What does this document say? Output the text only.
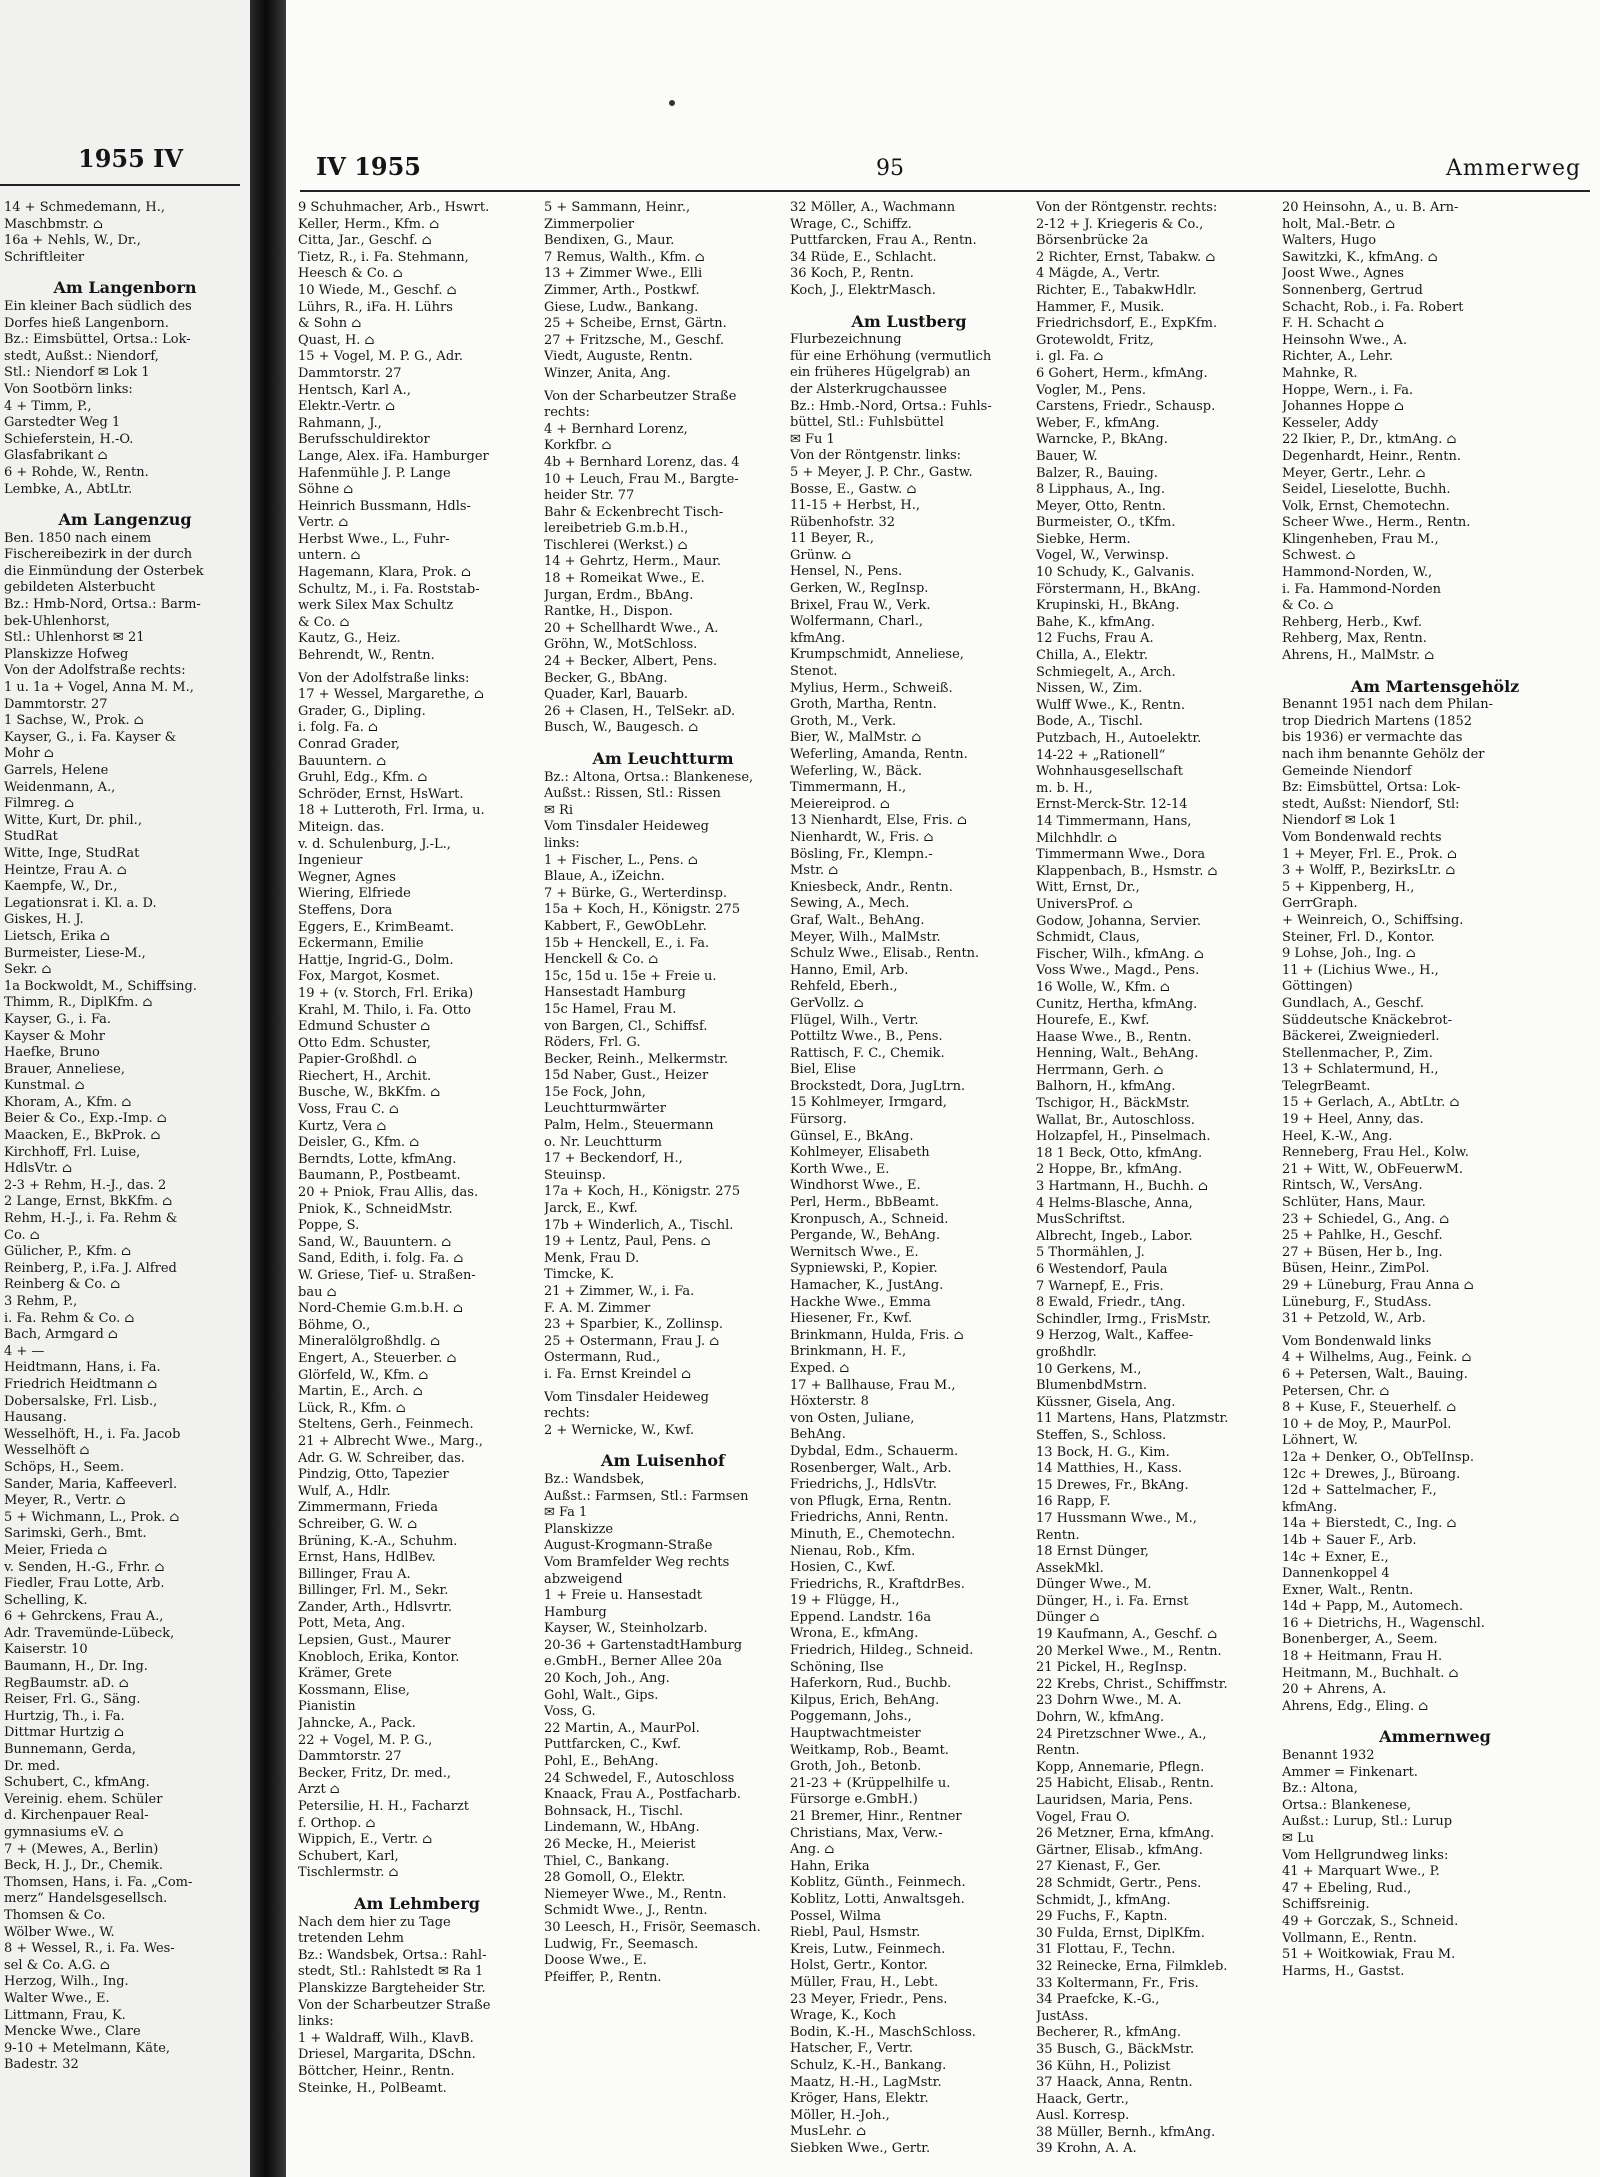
1955 IV
14 + Schmedemann, H.,
Maschbmstr. ⌂
16a + Nehls, W., Dr.,
Schriftleiter
Am Langenborn
Ein kleiner Bach südlich des
Dorfes hieß Langenborn.
Bz.: Eimsbüttel, Ortsa.: Lok-
stedt, Außst.: Niendorf,
Stl.: Niendorf ✉ Lok 1
Von Sootbörn links:
4 + Timm, P.,
Garstedter Weg 1
Schieferstein, H.-O.
Glasfabrikant ⌂
6 + Rohde, W., Rentn.
Lembke, A., AbtLtr.
Am Langenzug
Ben. 1850 nach einem
Fischereibezirk in der durch
die Einmündung der Osterbek
gebildeten Alsterbucht
Bz.: Hmb-Nord, Ortsa.: Barm-
bek-Uhlenhorst,
Stl.: Uhlenhorst ✉ 21
Planskizze Hofweg
Von der Adolfstraße rechts:
1 u. 1a + Vogel, Anna M. M.,
Dammtorstr. 27
1 Sachse, W., Prok. ⌂
Kayser, G., i. Fa. Kayser &
Mohr ⌂
Garrels, Helene
Weidenmann, A.,
Filmreg. ⌂
Witte, Kurt, Dr. phil.,
StudRat
Witte, Inge, StudRat
Heintze, Frau A. ⌂
Kaempfe, W., Dr.,
Legationsrat i. Kl. a. D.
Giskes, H. J.
Lietsch, Erika ⌂
Burmeister, Liese-M.,
Sekr. ⌂
1a Bockwoldt, M., Schiffsing.
Thimm, R., DiplKfm. ⌂
Kayser, G., i. Fa.
Kayser & Mohr
Haefke, Bruno
Brauer, Anneliese,
Kunstmal. ⌂
Khoram, A., Kfm. ⌂
Beier & Co., Exp.-Imp. ⌂
Maacken, E., BkProk. ⌂
Kirchhoff, Frl. Luise,
HdlsVtr. ⌂
2-3 + Rehm, H.-J., das. 2
2 Lange, Ernst, BkKfm. ⌂
Rehm, H.-J., i. Fa. Rehm &
Co. ⌂
Gülicher, P., Kfm. ⌂
Reinberg, P., i.Fa. J. Alfred
Reinberg & Co. ⌂
3 Rehm, P.,
i. Fa. Rehm & Co. ⌂
Bach, Armgard ⌂
4 + —
Heidtmann, Hans, i. Fa.
Friedrich Heidtmann ⌂
Dobersalske, Frl. Lisb.,
Hausang.
Wesselhöft, H., i. Fa. Jacob
Wesselhöft ⌂
Schöps, H., Seem.
Sander, Maria, Kaffeeverl.
Meyer, R., Vertr. ⌂
5 + Wichmann, L., Prok. ⌂
Sarimski, Gerh., Bmt.
Meier, Frieda ⌂
v. Senden, H.-G., Frhr. ⌂
Fiedler, Frau Lotte, Arb.
Schelling, K.
6 + Gehrckens, Frau A.,
Adr. Travemünde-Lübeck,
Kaiserstr. 10
Baumann, H., Dr. Ing.
RegBaumstr. aD. ⌂
Reiser, Frl. G., Säng.
Hurtzig, Th., i. Fa.
Dittmar Hurtzig ⌂
Bunnemann, Gerda,
Dr. med.
Schubert, C., kfmAng.
Vereinig. ehem. Schüler
d. Kirchenpauer Real-
gymnasiums eV. ⌂
7 + (Mewes, A., Berlin)
Beck, H. J., Dr., Chemik.
Thomsen, Hans, i. Fa. „Com-
merz“ Handelsgesellsch.
Thomsen & Co.
Wölber Wwe., W.
8 + Wessel, R., i. Fa. Wes-
sel & Co. A.G. ⌂
Herzog, Wilh., Ing.
Walter Wwe., E.
Littmann, Frau, K.
Mencke Wwe., Clare
9-10 + Metelmann, Käte,
Badestr. 32
IV 1955	95	Ammerweg
9 Schuhmacher, Arb., Hswrt.
Keller, Herm., Kfm. ⌂
Citta, Jar., Geschf. ⌂
Tietz, R., i. Fa. Stehmann,
Heesch & Co. ⌂
10 Wiede, M., Geschf. ⌂
Lührs, R., iFa. H. Lührs
& Sohn ⌂
Quast, H. ⌂
15 + Vogel, M. P. G., Adr.
Dammtorstr. 27
Hentsch, Karl A.,
Elektr.-Vertr. ⌂
Rahmann, J.,
Berufsschuldirektor
Lange, Alex. iFa. Hamburger
Hafenmühle J. P. Lange
Söhne ⌂
Heinrich Bussmann, Hdls-
Vertr. ⌂
Herbst Wwe., L., Fuhr-
untern. ⌂
Hagemann, Klara, Prok. ⌂
Schultz, M., i. Fa. Roststab-
werk Silex Max Schultz
& Co. ⌂
Kautz, G., Heiz.
Behrendt, W., Rentn.
Von der Adolfstraße links:
17 + Wessel, Margarethe, ⌂
Grader, G., Dipling.
i. folg. Fa. ⌂
Conrad Grader,
Bauuntern. ⌂
Gruhl, Edg., Kfm. ⌂
Schröder, Ernst, HsWart.
18 + Lutteroth, Frl. Irma, u.
Miteign. das.
v. d. Schulenburg, J.-L.,
Ingenieur
Wegner, Agnes
Wiering, Elfriede
Steffens, Dora
Eggers, E., KrimBeamt.
Eckermann, Emilie
Hattje, Ingrid-G., Dolm.
Fox, Margot, Kosmet.
19 + (v. Storch, Frl. Erika)
Krahl, M. Thilo, i. Fa. Otto
Edmund Schuster ⌂
Otto Edm. Schuster,
Papier-Großhdl. ⌂
Riechert, H., Archit.
Busche, W., BkKfm. ⌂
Voss, Frau C. ⌂
Kurtz, Vera ⌂
Deisler, G., Kfm. ⌂
Berndts, Lotte, kfmAng.
Baumann, P., Postbeamt.
20 + Pniok, Frau Allis, das.
Pniok, K., SchneidMstr.
Poppe, S.
Sand, W., Bauuntern. ⌂
Sand, Edith, i. folg. Fa. ⌂
W. Griese, Tief- u. Straßen-
bau ⌂
Nord-Chemie G.m.b.H. ⌂
Böhme, O.,
Mineralölgroßhdlg. ⌂
Engert, A., Steuerber. ⌂
Glörfeld, W., Kfm. ⌂
Martin, E., Arch. ⌂
Lück, R., Kfm. ⌂
Steltens, Gerh., Feinmech.
21 + Albrecht Wwe., Marg.,
Adr. G. W. Schreiber, das.
Pindzig, Otto, Tapezier
Wulf, A., Hdlr.
Zimmermann, Frieda
Schreiber, G. W. ⌂
Brüning, K.-A., Schuhm.
Ernst, Hans, HdlBev.
Billinger, Frau A.
Billinger, Frl. M., Sekr.
Zander, Arth., Hdlsvrtr.
Pott, Meta, Ang.
Lepsien, Gust., Maurer
Knobloch, Erika, Kontor.
Krämer, Grete
Kossmann, Elise,
Pianistin
Jahncke, A., Pack.
22 + Vogel, M. P. G.,
Dammtorstr. 27
Becker, Fritz, Dr. med.,
Arzt ⌂
Petersilie, H. H., Facharzt
f. Orthop. ⌂
Wippich, E., Vertr. ⌂
Schubert, Karl,
Tischlermstr. ⌂
Am Lehmberg
Nach dem hier zu Tage
tretenden Lehm
Bz.: Wandsbek, Ortsa.: Rahl-
stedt, Stl.: Rahlstedt ✉ Ra 1
Planskizze Bargteheider Str.
Von der Scharbeutzer Straße
links:
1 + Waldraff, Wilh., KlavB.
Driesel, Margarita, DSchn.
Böttcher, Heinr., Rentn.
Steinke, H., PolBeamt.
5 + Sammann, Heinr.,
Zimmerpolier
Bendixen, G., Maur.
7 Remus, Walth., Kfm. ⌂
13 + Zimmer Wwe., Elli
Zimmer, Arth., Postkwf.
Giese, Ludw., Bankang.
25 + Scheibe, Ernst, Gärtn.
27 + Fritzsche, M., Geschf.
Viedt, Auguste, Rentn.
Winzer, Anita, Ang.
Von der Scharbeutzer Straße
rechts:
4 + Bernhard Lorenz,
Korkfbr. ⌂
4b + Bernhard Lorenz, das. 4
10 + Leuch, Frau M., Bargte-
heider Str. 77
Bahr & Eckenbrecht Tisch-
lereibetrieb G.m.b.H.,
Tischlerei (Werkst.) ⌂
14 + Gehrtz, Herm., Maur.
18 + Romeikat Wwe., E.
Jurgan, Erdm., BbAng.
Rantke, H., Dispon.
20 + Schellhardt Wwe., A.
Gröhn, W., MotSchloss.
24 + Becker, Albert, Pens.
Becker, G., BbAng.
Quader, Karl, Bauarb.
26 + Clasen, H., TelSekr. aD.
Busch, W., Baugesch. ⌂
Am Leuchtturm
Bz.: Altona, Ortsa.: Blankenese,
Außst.: Rissen, Stl.: Rissen
✉ Ri
Vom Tinsdaler Heideweg
links:
1 + Fischer, L., Pens. ⌂
Blaue, A., iZeichn.
7 + Bürke, G., Werterdinsp.
15a + Koch, H., Königstr. 275
Kabbert, F., GewObLehr.
15b + Henckell, E., i. Fa.
Henckell & Co. ⌂
15c, 15d u. 15e + Freie u.
Hansestadt Hamburg
15c Hamel, Frau M.
von Bargen, Cl., Schiffsf.
Röders, Frl. G.
Becker, Reinh., Melkermstr.
15d Naber, Gust., Heizer
15e Fock, John,
Leuchtturmwärter
Palm, Helm., Steuermann
o. Nr. Leuchtturm
17 + Beckendorf, H.,
Steuinsp.
17a + Koch, H., Königstr. 275
Jarck, E., Kwf.
17b + Winderlich, A., Tischl.
19 + Lentz, Paul, Pens. ⌂
Menk, Frau D.
Timcke, K.
21 + Zimmer, W., i. Fa.
F. A. M. Zimmer
23 + Sparbier, K., Zollinsp.
25 + Ostermann, Frau J. ⌂
Ostermann, Rud.,
i. Fa. Ernst Kreindel ⌂
Vom Tinsdaler Heideweg
rechts:
2 + Wernicke, W., Kwf.
Am Luisenhof
Bz.: Wandsbek,
Außst.: Farmsen, Stl.: Farmsen
✉ Fa 1
Planskizze
August-Krogmann-Straße
Vom Bramfelder Weg rechts
abzweigend
1 + Freie u. Hansestadt
Hamburg
Kayser, W., Steinholzarb.
20-36 + GartenstadtHamburg
e.GmbH., Berner Allee 20a
20 Koch, Joh., Ang.
Gohl, Walt., Gips.
Voss, G.
22 Martin, A., MaurPol.
Puttfarcken, C., Kwf.
Pohl, E., BehAng.
24 Schwedel, F., Autoschloss
Knaack, Frau A., Postfacharb.
Bohnsack, H., Tischl.
Lindemann, W., HbAng.
26 Mecke, H., Meierist
Thiel, C., Bankang.
28 Gomoll, O., Elektr.
Niemeyer Wwe., M., Rentn.
Schmidt Wwe., J., Rentn.
30 Leesch, H., Frisör, Seemasch.
Ludwig, Fr., Seemasch.
Doose Wwe., E.
Pfeiffer, P., Rentn.
32 Möller, A., Wachmann
Wrage, C., Schiffz.
Puttfarcken, Frau A., Rentn.
34 Rüde, E., Schlacht.
36 Koch, P., Rentn.
Koch, J., ElektrMasch.
Am Lustberg
Flurbezeichnung
für eine Erhöhung (vermutlich
ein früheres Hügelgrab) an
der Alsterkrugchaussee
Bz.: Hmb.-Nord, Ortsa.: Fuhls-
büttel, Stl.: Fuhlsbüttel
✉ Fu 1
Von der Röntgenstr. links:
5 + Meyer, J. P. Chr., Gastw.
Bosse, E., Gastw. ⌂
11-15 + Herbst, H.,
Rübenhofstr. 32
11 Beyer, R.,
Grünw. ⌂
Hensel, N., Pens.
Gerken, W., RegInsp.
Brixel, Frau W., Verk.
Wolfermann, Charl.,
kfmAng.
Krumpschmidt, Anneliese,
Stenot.
Mylius, Herm., Schweiß.
Groth, Martha, Rentn.
Groth, M., Verk.
Bier, W., MalMstr. ⌂
Weferling, Amanda, Rentn.
Weferling, W., Bäck.
Timmermann, H.,
Meiereiprod. ⌂
13 Nienhardt, Else, Fris. ⌂
Nienhardt, W., Fris. ⌂
Bösling, Fr., Klempn.-
Mstr. ⌂
Kniesbeck, Andr., Rentn.
Sewing, A., Mech.
Graf, Walt., BehAng.
Meyer, Wilh., MalMstr.
Schulz Wwe., Elisab., Rentn.
Hanno, Emil, Arb.
Rehfeld, Eberh.,
GerVollz. ⌂
Flügel, Wilh., Vertr.
Pottiltz Wwe., B., Pens.
Rattisch, F. C., Chemik.
Biel, Elise
Brockstedt, Dora, JugLtrn.
15 Kohlmeyer, Irmgard,
Fürsorg.
Günsel, E., BkAng.
Kohlmeyer, Elisabeth
Korth Wwe., E.
Windhorst Wwe., E.
Perl, Herm., BbBeamt.
Kronpusch, A., Schneid.
Pergande, W., BehAng.
Wernitsch Wwe., E.
Sypniewski, P., Kopier.
Hamacher, K., JustAng.
Hackhe Wwe., Emma
Hiesener, Fr., Kwf.
Brinkmann, Hulda, Fris. ⌂
Brinkmann, H. F.,
Exped. ⌂
17 + Ballhause, Frau M.,
Höxterstr. 8
von Osten, Juliane,
BehAng.
Dybdal, Edm., Schauerm.
Rosenberger, Walt., Arb.
Friedrichs, J., HdlsVtr.
von Pflugk, Erna, Rentn.
Friedrichs, Anni, Rentn.
Minuth, E., Chemotechn.
Nienau, Rob., Kfm.
Hosien, C., Kwf.
Friedrichs, R., KraftdrBes.
19 + Flügge, H.,
Eppend. Landstr. 16a
Wrona, E., kfmAng.
Friedrich, Hildeg., Schneid.
Schöning, Ilse
Haferkorn, Rud., Buchb.
Kilpus, Erich, BehAng.
Poggemann, Johs.,
Hauptwachtmeister
Weitkamp, Rob., Beamt.
Groth, Joh., Betonb.
21-23 + (Krüppelhilfe u.
Fürsorge e.GmbH.)
21 Bremer, Hinr., Rentner
Christians, Max, Verw.-
Ang. ⌂
Hahn, Erika
Koblitz, Günth., Feinmech.
Koblitz, Lotti, Anwaltsgeh.
Possel, Wilma
Riebl, Paul, Hsmstr.
Kreis, Lutw., Feinmech.
Holst, Gertr., Kontor.
Müller, Frau, H., Lebt.
23 Meyer, Friedr., Pens.
Wrage, K., Koch
Bodin, K.-H., MaschSchloss.
Hatscher, F., Vertr.
Schulz, K.-H., Bankang.
Maatz, H.-H., LagMstr.
Kröger, Hans, Elektr.
Möller, H.-Joh.,
MusLehr. ⌂
Siebken Wwe., Gertr.
Von der Röntgenstr. rechts:
2-12 + J. Kriegeris & Co.,
Börsenbrücke 2a
2 Richter, Ernst, Tabakw. ⌂
4 Mägde, A., Vertr.
Richter, E., TabakwHdlr.
Hammer, F., Musik.
Friedrichsdorf, E., ExpKfm.
Grotewoldt, Fritz,
i. gl. Fa. ⌂
6 Gohert, Herm., kfmAng.
Vogler, M., Pens.
Carstens, Friedr., Schausp.
Weber, F., kfmAng.
Warncke, P., BkAng.
Bauer, W.
Balzer, R., Bauing.
8 Lipphaus, A., Ing.
Meyer, Otto, Rentn.
Burmeister, O., tKfm.
Siebke, Herm.
Vogel, W., Verwinsp.
10 Schudy, K., Galvanis.
Förstermann, H., BkAng.
Krupinski, H., BkAng.
Bahe, K., kfmAng.
12 Fuchs, Frau A.
Chilla, A., Elektr.
Schmiegelt, A., Arch.
Nissen, W., Zim.
Wulff Wwe., K., Rentn.
Bode, A., Tischl.
Putzbach, H., Autoelektr.
14-22 + „Rationell“
Wohnhausgesellschaft
m. b. H.,
Ernst-Merck-Str. 12-14
14 Timmermann, Hans,
Milchhdlr. ⌂
Timmermann Wwe., Dora
Klappenbach, B., Hsmstr. ⌂
Witt, Ernst, Dr.,
UniversProf. ⌂
Godow, Johanna, Servier.
Schmidt, Claus,
Fischer, Wilh., kfmAng. ⌂
Voss Wwe., Magd., Pens.
16 Wolle, W., Kfm. ⌂
Cunitz, Hertha, kfmAng.
Hourefe, E., Kwf.
Haase Wwe., B., Rentn.
Henning, Walt., BehAng.
Herrmann, Gerh. ⌂
Balhorn, H., kfmAng.
Tschigor, H., BäckMstr.
Wallat, Br., Autoschloss.
Holzapfel, H., Pinselmach.
18 1 Beck, Otto, kfmAng.
2 Hoppe, Br., kfmAng.
3 Hartmann, H., Buchh. ⌂
4 Helms-Blasche, Anna,
MusSchriftst.
Albrecht, Ingeb., Labor.
5 Thormählen, J.
6 Westendorf, Paula
7 Warnepf, E., Fris.
8 Ewald, Friedr., tAng.
Schindler, Irmg., FrisMstr.
9 Herzog, Walt., Kaffee-
großhdlr.
10 Gerkens, M.,
BlumenbdMstrn.
Küssner, Gisela, Ang.
11 Martens, Hans, Platzmstr.
Steffen, S., Schloss.
13 Bock, H. G., Kim.
14 Matthies, H., Kass.
15 Drewes, Fr., BkAng.
16 Rapp, F.
17 Hussmann Wwe., M.,
Rentn.
18 Ernst Dünger,
AssekMkl.
Dünger Wwe., M.
Dünger, H., i. Fa. Ernst
Dünger ⌂
19 Kaufmann, A., Geschf. ⌂
20 Merkel Wwe., M., Rentn.
21 Pickel, H., RegInsp.
22 Krebs, Christ., Schiffmstr.
23 Dohrn Wwe., M. A.
Dohrn, W., kfmAng.
24 Piretzschner Wwe., A.,
Rentn.
Kopp, Annemarie, Pflegn.
25 Habicht, Elisab., Rentn.
Lauridsen, Maria, Pens.
Vogel, Frau O.
26 Metzner, Erna, kfmAng.
Gärtner, Elisab., kfmAng.
27 Kienast, F., Ger.
28 Schmidt, Gertr., Pens.
Schmidt, J., kfmAng.
29 Fuchs, F., Kaptn.
30 Fulda, Ernst, DiplKfm.
31 Flottau, F., Techn.
32 Reinecke, Erna, Filmkleb.
33 Koltermann, Fr., Fris.
34 Praefcke, K.-G.,
JustAss.
Becherer, R., kfmAng.
35 Busch, G., BäckMstr.
36 Kühn, H., Polizist
37 Haack, Anna, Rentn.
Haack, Gertr.,
Ausl. Korresp.
38 Müller, Bernh., kfmAng.
39 Krohn, A. A.
20 Heinsohn, A., u. B. Arn-
holt, Mal.-Betr. ⌂
Walters, Hugo
Sawitzki, K., kfmAng. ⌂
Joost Wwe., Agnes
Sonnenberg, Gertrud
Schacht, Rob., i. Fa. Robert
F. H. Schacht ⌂
Heinsohn Wwe., A.
Richter, A., Lehr.
Mahnke, R.
Hoppe, Wern., i. Fa.
Johannes Hoppe ⌂
Kesseler, Addy
22 Ikier, P., Dr., ktmAng. ⌂
Degenhardt, Heinr., Rentn.
Meyer, Gertr., Lehr. ⌂
Seidel, Lieselotte, Buchh.
Volk, Ernst, Chemotechn.
Scheer Wwe., Herm., Rentn.
Klingenheben, Frau M.,
Schwest. ⌂
Hammond-Norden, W.,
i. Fa. Hammond-Norden
& Co. ⌂
Rehberg, Herb., Kwf.
Rehberg, Max, Rentn.
Ahrens, H., MalMstr. ⌂
Am Martensgehölz
Benannt 1951 nach dem Philan-
trop Diedrich Martens (1852
bis 1936) er vermachte das
nach ihm benannte Gehölz der
Gemeinde Niendorf
Bz: Eimsbüttel, Ortsa: Lok-
stedt, Außst: Niendorf, Stl:
Niendorf ✉ Lok 1
Vom Bondenwald rechts
1 + Meyer, Frl. E., Prok. ⌂
3 + Wolff, P., BezirksLtr. ⌂
5 + Kippenberg, H.,
GerrGraph.
+ Weinreich, O., Schiffsing.
Steiner, Frl. D., Kontor.
9 Lohse, Joh., Ing. ⌂
11 + (Lichius Wwe., H.,
Göttingen)
Gundlach, A., Geschf.
Süddeutsche Knäckebrot-
Bäckerei, Zweigniederl.
Stellenmacher, P., Zim.
13 + Schlatermund, H.,
TelegrBeamt.
15 + Gerlach, A., AbtLtr. ⌂
19 + Heel, Anny, das.
Heel, K.-W., Ang.
Renneberg, Frau Hel., Kolw.
21 + Witt, W., ObFeuerwM.
Rintsch, W., VersAng.
Schlüter, Hans, Maur.
23 + Schiedel, G., Ang. ⌂
25 + Pahlke, H., Geschf.
27 + Büsen, Her b., Ing.
Büsen, Heinr., ZimPol.
29 + Lüneburg, Frau Anna ⌂
Lüneburg, F., StudAss.
31 + Petzold, W., Arb.
Vom Bondenwald links
4 + Wilhelms, Aug., Feink. ⌂
6 + Petersen, Walt., Bauing.
Petersen, Chr. ⌂
8 + Kuse, F., Steuerhelf. ⌂
10 + de Moy, P., MaurPol.
Löhnert, W.
12a + Denker, O., ObTelInsp.
12c + Drewes, J., Büroang.
12d + Sattelmacher, F.,
kfmAng.
14a + Bierstedt, C., Ing. ⌂
14b + Sauer F., Arb.
14c + Exner, E.,
Dannenkoppel 4
Exner, Walt., Rentn.
14d + Papp, M., Automech.
16 + Dietrichs, H., Wagenschl.
Bonenberger, A., Seem.
18 + Heitmann, Frau H.
Heitmann, M., Buchhalt. ⌂
20 + Ahrens, A.
Ahrens, Edg., Eling. ⌂
Ammernweg
Benannt 1932
Ammer = Finkenart.
Bz.: Altona,
Ortsa.: Blankenese,
Außst.: Lurup, Stl.: Lurup
✉ Lu
Vom Hellgrundweg links:
41 + Marquart Wwe., P.
47 + Ebeling, Rud.,
Schiffsreinig.
49 + Gorczak, S., Schneid.
Vollmann, E., Rentn.
51 + Woitkowiak, Frau M.
Harms, H., Gastst.
